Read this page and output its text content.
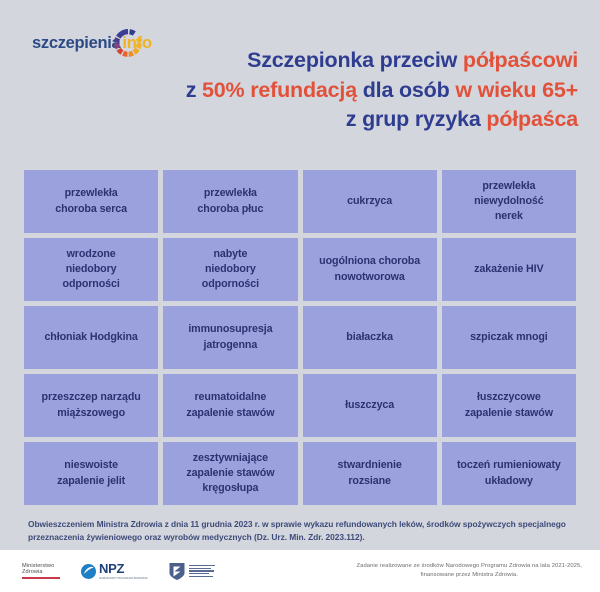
szczepienia info
Szczepionka przeciw półpaścowi
z 50% refundacją dla osób w wieku 65+
z grup ryzyka półpaśca
przewlekła
choroba serca
przewlekła
choroba płuc
cukrzyca
przewlekła
niewydolność
nerek
wrodzone
niedobory
odporności
nabyte
niedobory
odporności
uogólniona choroba
nowotworowa
zakażenie HIV
chłoniak Hodgkina
immunosupresja
jatrogenna
białaczka	szpiczak mnogi
przeszczep narządu
miąższowego
reumatoidalne
zapalenie stawów
łuszczyca
łuszczycowe
zapalenie stawów
nieswoiste
zapalenie jelit
zesztywniające
zapalenie stawów
kręgosłupa
stwardnienie
rozsiane
toczeń rumieniowaty
układowy
Obwieszczeniem Ministra Zdrowia z dnia 11 grudnia 2023 r. w sprawie wykazu refundowanych leków, środków spożywczych specjalnego przeznaczenia żywieniowego oraz wyrobów medycznych (Dz. Urz. Min. Zdr. 2023.112).
Ministerstwo
Zdrowia	NPZ
NARODOWY PROGRAM ZDROWIA
Zadanie realizowane ze środków Narodowego Programu Zdrowia na lata 2021-2025,
finansowane przez Ministra Zdrowia.
